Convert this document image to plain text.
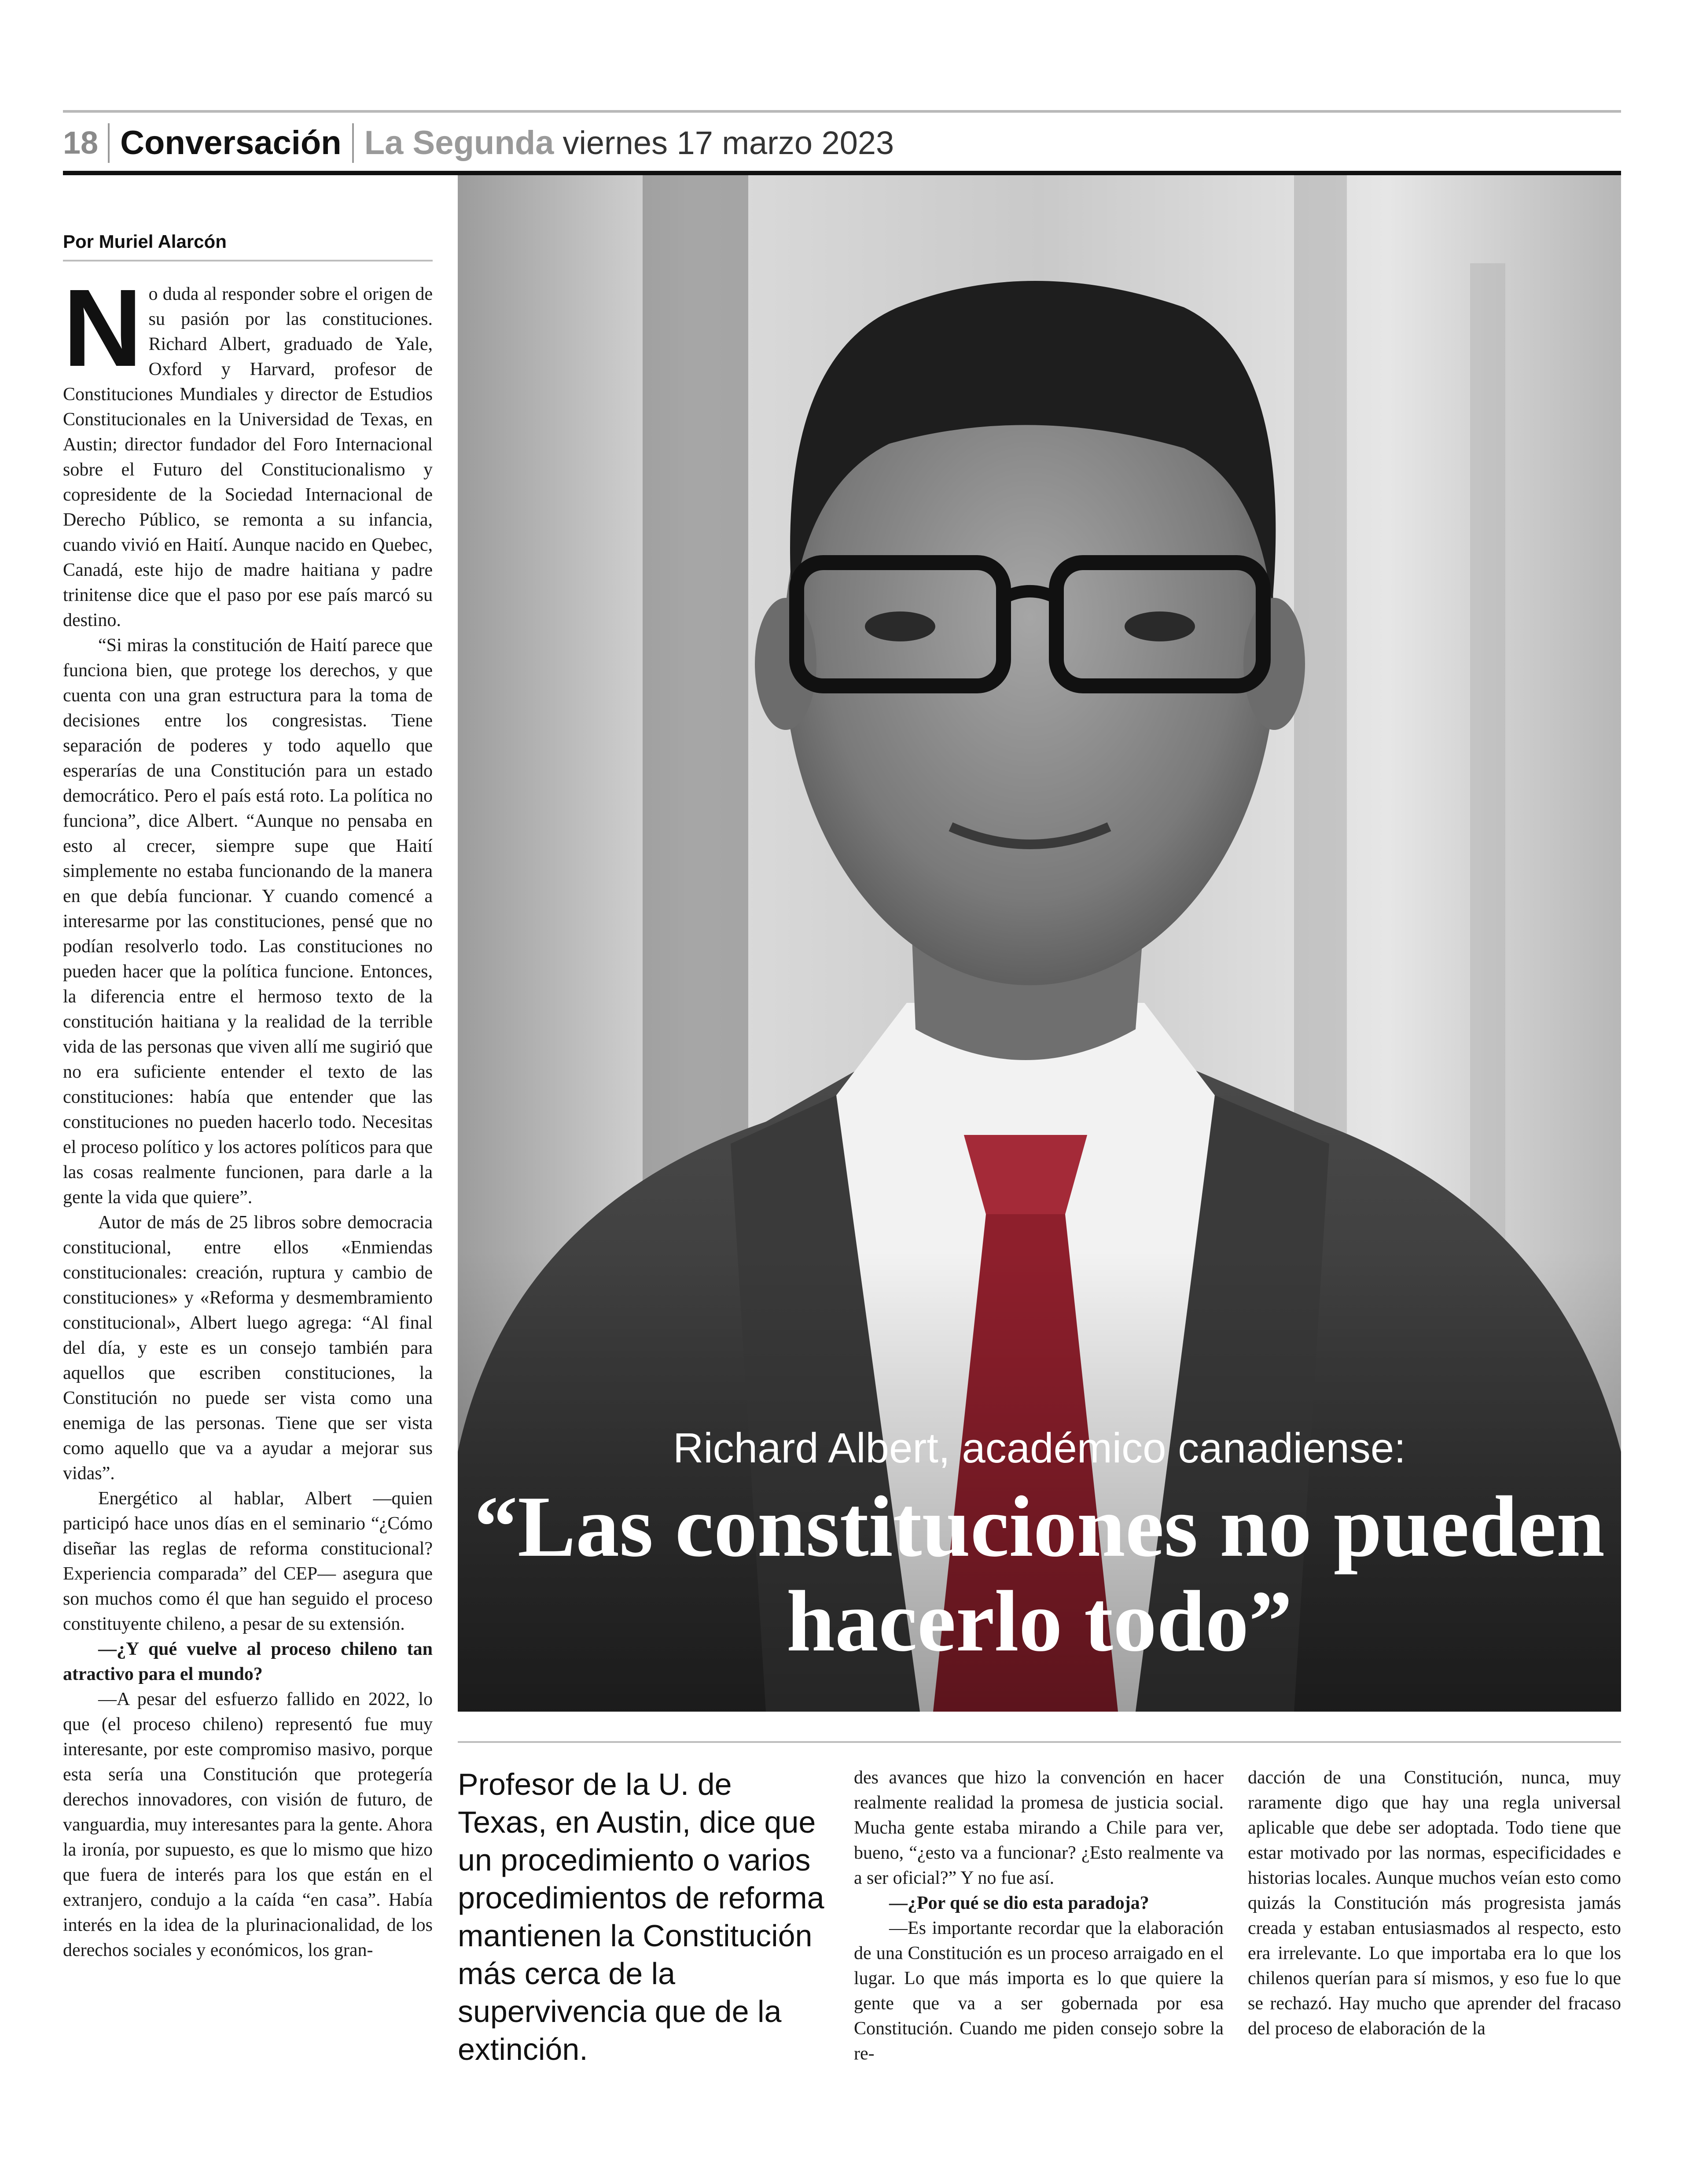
18 Conversación La Segunda viernes 17 marzo 2023
Por Muriel Alarcón

No duda al responder sobre el origen de su pasión por las constituciones. Richard Albert, graduado de Yale, Oxford y Harvard, profesor de Constituciones Mundiales y director de Estudios Constitucionales en la Universidad de Texas, en Austin; director fundador del Foro Internacional sobre el Futuro del Constitucionalismo y copresidente de la Sociedad Internacional de Derecho Público, se remonta a su infancia, cuando vivió en Haití. Aunque nacido en Quebec, Canadá, este hijo de madre haitiana y padre trinitense dice que el paso por ese país marcó su destino.

“Si miras la constitución de Haití parece que funciona bien, que protege los derechos, y que cuenta con una gran estructura para la toma de decisiones entre los congresistas. Tiene separación de poderes y todo aquello que esperarías de una Constitución para un estado democrático. Pero el país está roto. La política no funciona”, dice Albert. “Aunque no pensaba en esto al crecer, siempre supe que Haití simplemente no estaba funcionando de la manera en que debía funcionar. Y cuando comencé a interesarme por las constituciones, pensé que no podían resolverlo todo. Las constituciones no pueden hacer que la política funcione. Entonces, la diferencia entre el hermoso texto de la constitución haitiana y la realidad de la terrible vida de las personas que viven allí me sugirió que no era suficiente entender el texto de las constituciones: había que entender que las constituciones no pueden hacerlo todo. Necesitas el proceso político y los actores políticos para que las cosas realmente funcionen, para darle a la gente la vida que quiere”.

Autor de más de 25 libros sobre democracia constitucional, entre ellos «Enmiendas constitucionales: creación, ruptura y cambio de constituciones» y «Reforma y desmembramiento constitucional», Albert luego agrega: “Al final del día, y este es un consejo también para aquellos que escriben constituciones, la Constitución no puede ser vista como una enemiga de las personas. Tiene que ser vista como aquello que va a ayudar a mejorar sus vidas”.

Energético al hablar, Albert —quien participó hace unos días en el seminario “¿Cómo diseñar las reglas de reforma constitucional? Experiencia comparada” del CEP— asegura que son muchos como él que han seguido el proceso constituyente chileno, a pesar de su extensión.

—¿Y qué vuelve al proceso chileno tan atractivo para el mundo?

—A pesar del esfuerzo fallido en 2022, lo que (el proceso chileno) representó fue muy interesante, por este compromiso masivo, porque esta sería una Constitución que protegería derechos innovadores, con visión de futuro, de vanguardia, muy interesantes para la gente. Ahora la ironía, por supuesto, es que lo mismo que hizo que fuera de interés para los que están en el extranjero, condujo a la caída “en casa”. Había interés en la idea de la plurinacionalidad, de los derechos sociales y económicos, los gran-

Richard Albert, académico canadiense:
“Las constituciones no pueden hacerlo todo”
Profesor de la U. de Texas, en Austin, dice que un procedimiento o varios procedimientos de reforma mantienen la Constitución más cerca de la supervivencia que de la extinción.

des avances que hizo la convención en hacer realmente realidad la promesa de justicia social. Mucha gente estaba mirando a Chile para ver, bueno, “¿esto va a funcionar? ¿Esto realmente va a ser oficial?” Y no fue así.

—¿Por qué se dio esta paradoja?

—Es importante recordar que la elaboración de una Constitución es un proceso arraigado en el lugar. Lo que más importa es lo que quiere la gente que va a ser gobernada por esa Constitución. Cuando me piden consejo sobre la re-

dacción de una Constitución, nunca, muy raramente digo que hay una regla universal aplicable que debe ser adoptada. Todo tiene que estar motivado por las normas, especificidades e historias locales. Aunque muchos veían esto como quizás la Constitución más progresista jamás creada y estaban entusiasmados al respecto, esto era irrelevante. Lo que importaba era lo que los chilenos querían para sí mismos, y eso fue lo que se rechazó. Hay mucho que aprender del fracaso del proceso de elaboración de la
